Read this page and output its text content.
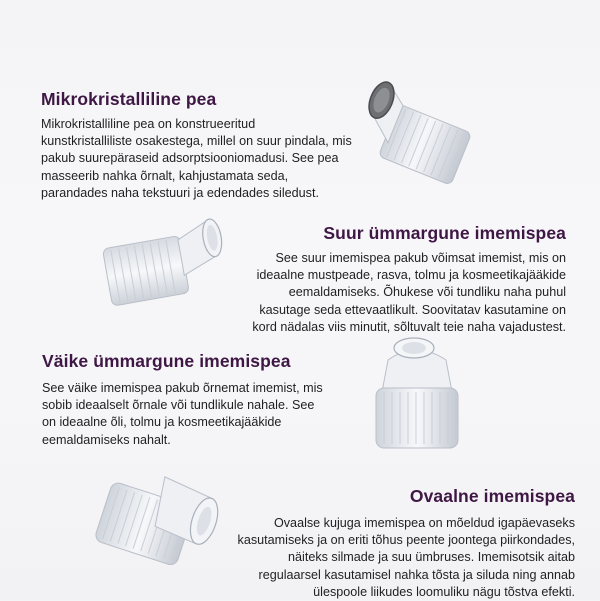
Mikrokristalliline pea

Mikrokristalliline pea on konstrueeritud

kunstkristalliliste osakestega, millel on suur pindala, mis

pakub suurepäraseid adsorptsiooniomadusi. See pea

masseerib nahka õrnalt, kahjustamata seda,

parandades naha tekstuuri ja edendades siledust.

Suur ümmargune imemispea

See suur imemispea pakub võimsat imemist, mis on

ideaalne mustpeade, rasva, tolmu ja kosmeetikajääkide

eemaldamiseks. Õhukese või tundliku naha puhul

kasutage seda ettevaatlikult. Soovitatav kasutamine on

kord nädalas viis minutit, sõltuvalt teie naha vajadustest.

Väike ümmargune imemispea

See väike imemispea pakub õrnemat imemist, mis

sobib ideaalselt õrnale või tundlikule nahale. See

on ideaalne õli, tolmu ja kosmeetikajääkide

eemaldamiseks nahalt.

Ovaalne imemispea

Ovaalse kujuga imemispea on mõeldud igapäevaseks

kasutamiseks ja on eriti tõhus peente joontega piirkondades,

näiteks silmade ja suu ümbruses. Imemisotsik aitab

regulaarsel kasutamisel nahka tõsta ja siluda ning annab

ülespoole liikudes loomuliku nägu tõstva efekti.
